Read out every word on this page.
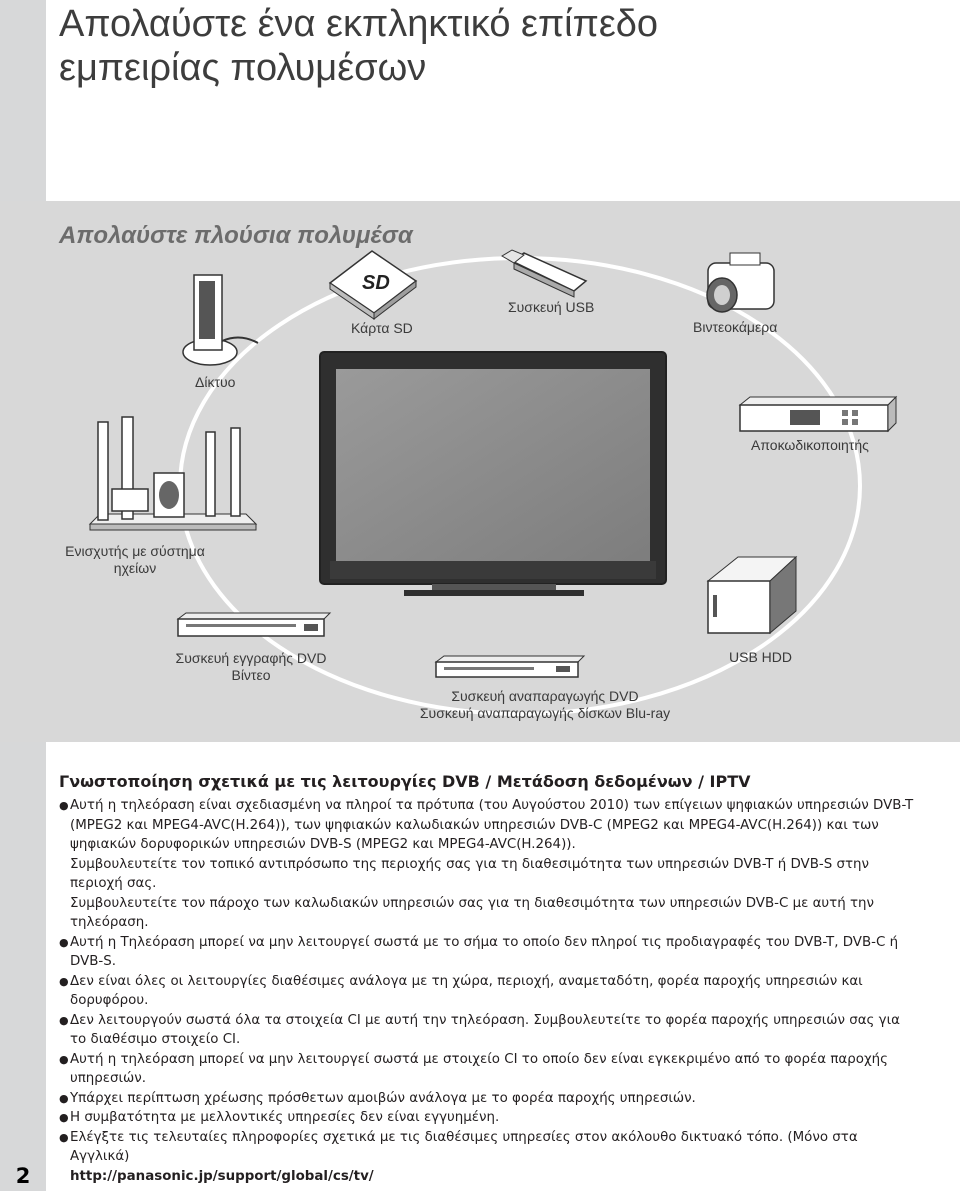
2
Απολαύστε ένα εκπληκτικό επίπεδο
εμπειρίας πολυμέσων
Απολαύστε πλούσια πολυμέσα
SD
Δίκτυο
Κάρτα SD
Συσκευή USB
Βιντεοκάμερα
Αποκωδικοποιητής
Ενισχυτής με σύστημα
ηχείων
USB HDD
Συσκευή εγγραφής DVD
Βίντεο
Συσκευή αναπαραγωγής DVD
Συσκευή αναπαραγωγής δίσκων Blu-ray
Γνωστοποίηση σχετικά με τις λειτουργίες DVB / Μετάδοση δεδομένων / IPTV

● Αυτή η τηλεόραση είναι σχεδιασμένη να πληροί τα πρότυπα (του Αυγούστου 2010) των επίγειων ψηφιακών υπηρεσιών DVB-T (MPEG2 και MPEG4-AVC(H.264)), των ψηφιακών καλωδιακών υπηρεσιών DVB-C (MPEG2 και MPEG4-AVC(H.264)) και των ψηφιακών δορυφορικών υπηρεσιών DVB-S (MPEG2 και MPEG4-AVC(H.264)).

Συμβουλευτείτε τον τοπικό αντιπρόσωπο της περιοχής σας για τη διαθεσιμότητα των υπηρεσιών DVB-T ή DVB-S στην περιοχή σας.

Συμβουλευτείτε τον πάροχο των καλωδιακών υπηρεσιών σας για τη διαθεσιμότητα των υπηρεσιών DVB-C με αυτή την τηλεόραση.

● Αυτή η Τηλεόραση μπορεί να μην λειτουργεί σωστά με το σήμα το οποίο δεν πληροί τις προδιαγραφές του DVB-T, DVB-C ή DVB-S.

● Δεν είναι όλες οι λειτουργίες διαθέσιμες ανάλογα με τη χώρα, περιοχή, αναμεταδότη, φορέα παροχής υπηρεσιών και δορυφόρου.

● Δεν λειτουργούν σωστά όλα τα στοιχεία CI με αυτή την τηλεόραση. Συμβουλευτείτε το φορέα παροχής υπηρεσιών σας για το διαθέσιμο στοιχείο CI.

● Αυτή η τηλεόραση μπορεί να μην λειτουργεί σωστά με στοιχείο CI το οποίο δεν είναι εγκεκριμένο από το φορέα παροχής υπηρεσιών.

● Υπάρχει περίπτωση χρέωσης πρόσθετων αμοιβών ανάλογα με το φορέα παροχής υπηρεσιών.

● Η συμβατότητα με μελλοντικές υπηρεσίες δεν είναι εγγυημένη.

● Ελέγξτε τις τελευταίες πληροφορίες σχετικά με τις διαθέσιμες υπηρεσίες στον ακόλουθο δικτυακό τόπο. (Μόνο στα Αγγλικά)

http://panasonic.jp/support/global/cs/tv/
